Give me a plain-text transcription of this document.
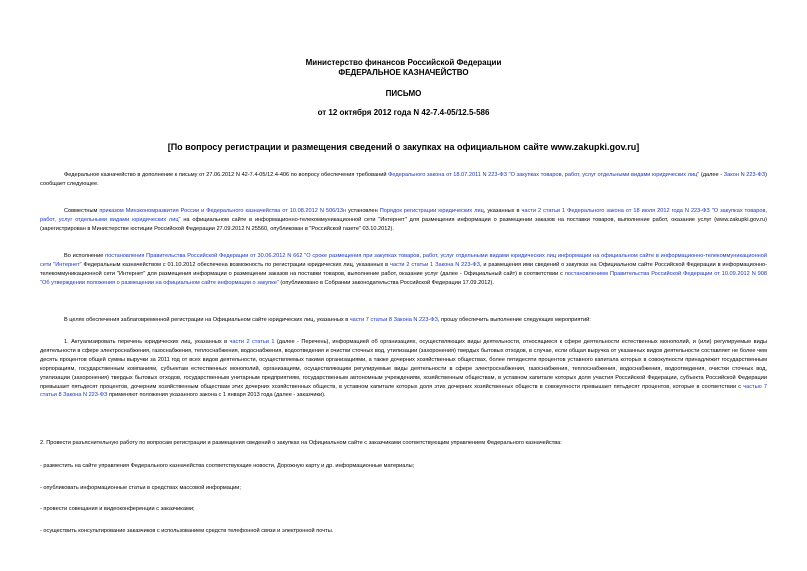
Министерство финансов Российской Федерации
ФЕДЕРАЛЬНОЕ КАЗНАЧЕЙСТВО
ПИСЬМО
от 12 октября 2012 года N 42-7.4-05/12.5-586
[По вопросу регистрации и размещения сведений о закупках на официальном сайте www.zakupki.gov.ru]
Федеральное казначейство в дополнение к письму от 27.06.2012 N 42-7.4-05/12.4-406 по вопросу обеспечения требований Федерального закона от 18.07.2011 N 223-ФЗ "О закупках товаров, работ, услуг отдельными видами юридических лиц" (далее - Закон N 223-ФЗ) сообщает следующее.
Совместным приказом Минэкономразвития России и Федерального казначейства от 10.08.2012 N 506/13н установлен Порядок регистрации юридических лиц, указанных в части 2 статьи 1 Федерального закона от 18 июля 2012 года N 223-ФЗ "О закупках товаров, работ, услуг отдельными видами юридических лиц" на официальном сайте в информационно-телекоммуникационной сети "Интернет" для размещения информации о размещении заказов на поставки товаров, выполнение работ, оказание услуг (www.zakupki.gov.ru) (зарегистрирован в Министерстве юстиции Российской Федерации 27.09.2012 N 25560, опубликован в "Российской газете" 03.10.2012).
Во исполнение постановления Правительства Российской Федерации от 30.06.2012 N 662 "О сроке размещения при закупках товаров, работ, услуг отдельными видами юридических лиц информации на официальном сайте в информационно-телекоммуникационной сети "Интернет" Федеральным казначейством с 01.10.2012 обеспечена возможность по регистрации юридических лиц, указанных в части 2 статьи 1 Закона N 223-ФЗ, и размещения ими сведений о закупках на Официальном сайте Российской Федерации в информационно-телекоммуникационной сети "Интернет" для размещения информации о размещении заказов на поставки товаров, выполнение работ, оказание услуг (далее - Официальный сайт) в соответствии с постановлением Правительства Российской Федерации от 10.09.2012 N 908 "Об утверждении положения о размещении на официальном сайте информации о закупке" (опубликовано в Собрании законодательства Российской Федерации 17.09.2012).
В целях обеспечения заблаговременной регистрации на Официальном сайте юридических лиц, указанных в части 7 статьи 8 Закона N 223-ФЗ, прошу обеспечить выполнение следующих мероприятий:
1. Актуализировать перечень юридических лиц, указанных в части 2 статьи 1 (далее - Перечень), информацией об организациях, осуществляющих виды деятельности, относящиеся к сфере деятельности естественных монополий, и (или) регулируемые виды деятельности в сфере электроснабжения, газоснабжения, теплоснабжения, водоснабжения, водоотведения и очистки сточных вод, утилизации (захоронения) твердых бытовых отходов, в случае, если общая выручка от указанных видов деятельности составляет не более чем десять процентов общей суммы выручки за 2011 год от всех видов деятельности, осуществляемых такими организациями, а также дочерних хозяйственных обществах, более пятидесяти процентов уставного капитала которых в совокупности принадлежит государственным корпорациям, государственным компаниям, субъектам естественных монополий, организациям, осуществляющим регулируемые виды деятельности в сфере электроснабжения, газоснабжения, теплоснабжения, водоснабжения, водоотведения, очистки сточных вод, утилизации (захоронения) твердых бытовых отходов, государственным унитарным предприятиям, государственным автономным учреждениям, хозяйственным обществам, в уставном капитале которых доля участия Российской Федерации, субъекта Российской Федерации превышает пятьдесят процентов, дочерним хозяйственным обществам этих дочерних хозяйственных обществ, в уставном капитале которых доля этих дочерних хозяйственных обществ в совокупности превышает пятьдесят процентов, которые в соответствии с частью 7 статьи 8 Закона N 223-ФЗ применяют положения указанного закона с 1 января 2013 года (далее - заказчики).
2. Провести разъяснительную работу по вопросам регистрации и размещения сведений о закупках на Официальном сайте с заказчиками соответствующим управлением Федерального казначейства:
- разместить на сайте управления Федерального казначейства соответствующие новости, Дорожную карту и др. информационные материалы;
- опубликовать информационные статьи в средствах массовой информации;
- провести совещания и видеоконференции с заказчиками;
- осуществить консультирование заказчиков с использованием средств телефонной связи и электронной почты.
